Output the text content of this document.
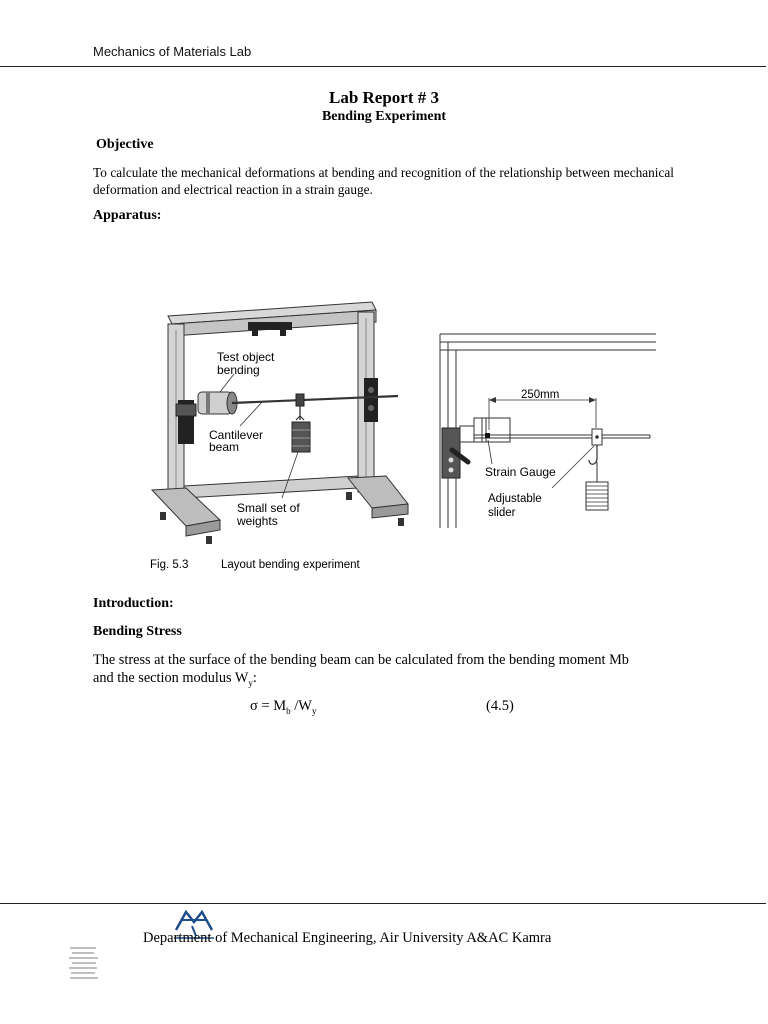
Mechanics of Materials Lab
Lab Report # 3
Bending Experiment
Objective
To calculate the mechanical deformations at bending and recognition of the relationship between mechanical deformation and electrical reaction in a strain gauge.
Apparatus:
Test object
bending
Cantilever
beam
Small set of
weights
250mm
Strain Gauge
Adjustable
slider
Fig. 5.3	Layout bending experiment
Introduction:
Bending Stress
The stress at the surface of the bending beam can be calculated from the bending moment Mb
and the section modulus $W_y$:
$\sigma = M_b$ $/W_y$	(4.5)
Department of Mechanical Engineering, Air University A&AC Kamra
